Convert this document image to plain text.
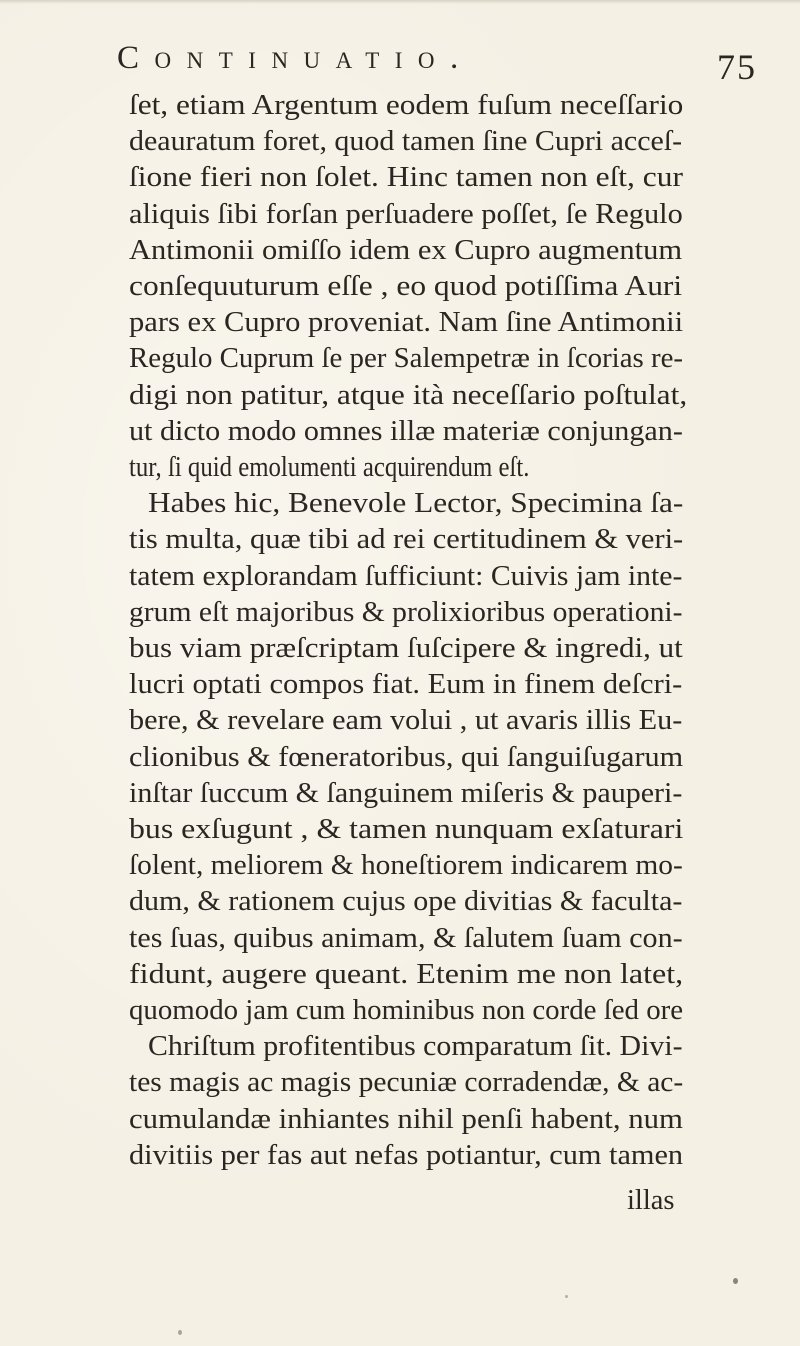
Continuatio.	75
ſet, etiam Argentum eodem fuſum neceſſario
deauratum foret, quod tamen ſine Cupri acceſ-
ſione fieri non ſolet. Hinc tamen non eſt, cur
aliquis ſibi forſan perſuadere poſſet, ſe Regulo
Antimonii omiſſo idem ex Cupro augmentum
conſequuturum eſſe , eo quod potiſſima Auri
pars ex Cupro proveniat. Nam ſine Antimonii
Regulo Cuprum ſe per Salempetræ in ſcorias re-
digi non patitur, atque ità neceſſario poſtulat,
ut dicto modo omnes illæ materiæ conjungan-
tur, ſi quid emolumenti acquirendum eſt.
Habes hic, Benevole Lector, Specimina ſa-
tis multa, quæ tibi ad rei certitudinem & veri-
tatem explorandam ſufficiunt: Cuivis jam inte-
grum eſt majoribus & prolixioribus operationi-
bus viam præſcriptam ſuſcipere & ingredi, ut
lucri optati compos fiat. Eum in finem deſcri-
bere, & revelare eam volui , ut avaris illis Eu-
clionibus & fœneratoribus, qui ſanguiſugarum
inſtar ſuccum & ſanguinem miſeris & pauperi-
bus exſugunt , & tamen nunquam exſaturari
ſolent, meliorem & honeſtiorem indicarem mo-
dum, & rationem cujus ope divitias & faculta-
tes ſuas, quibus animam, & ſalutem ſuam con-
fidunt, augere queant. Etenim me non latet,
quomodo jam cum hominibus non corde ſed ore
Chriſtum profitentibus comparatum ſit. Divi-
tes magis ac magis pecuniæ corradendæ, & ac-
cumulandæ inhiantes nihil penſi habent, num
divitiis per fas aut nefas potiantur, cum tamen
illas
